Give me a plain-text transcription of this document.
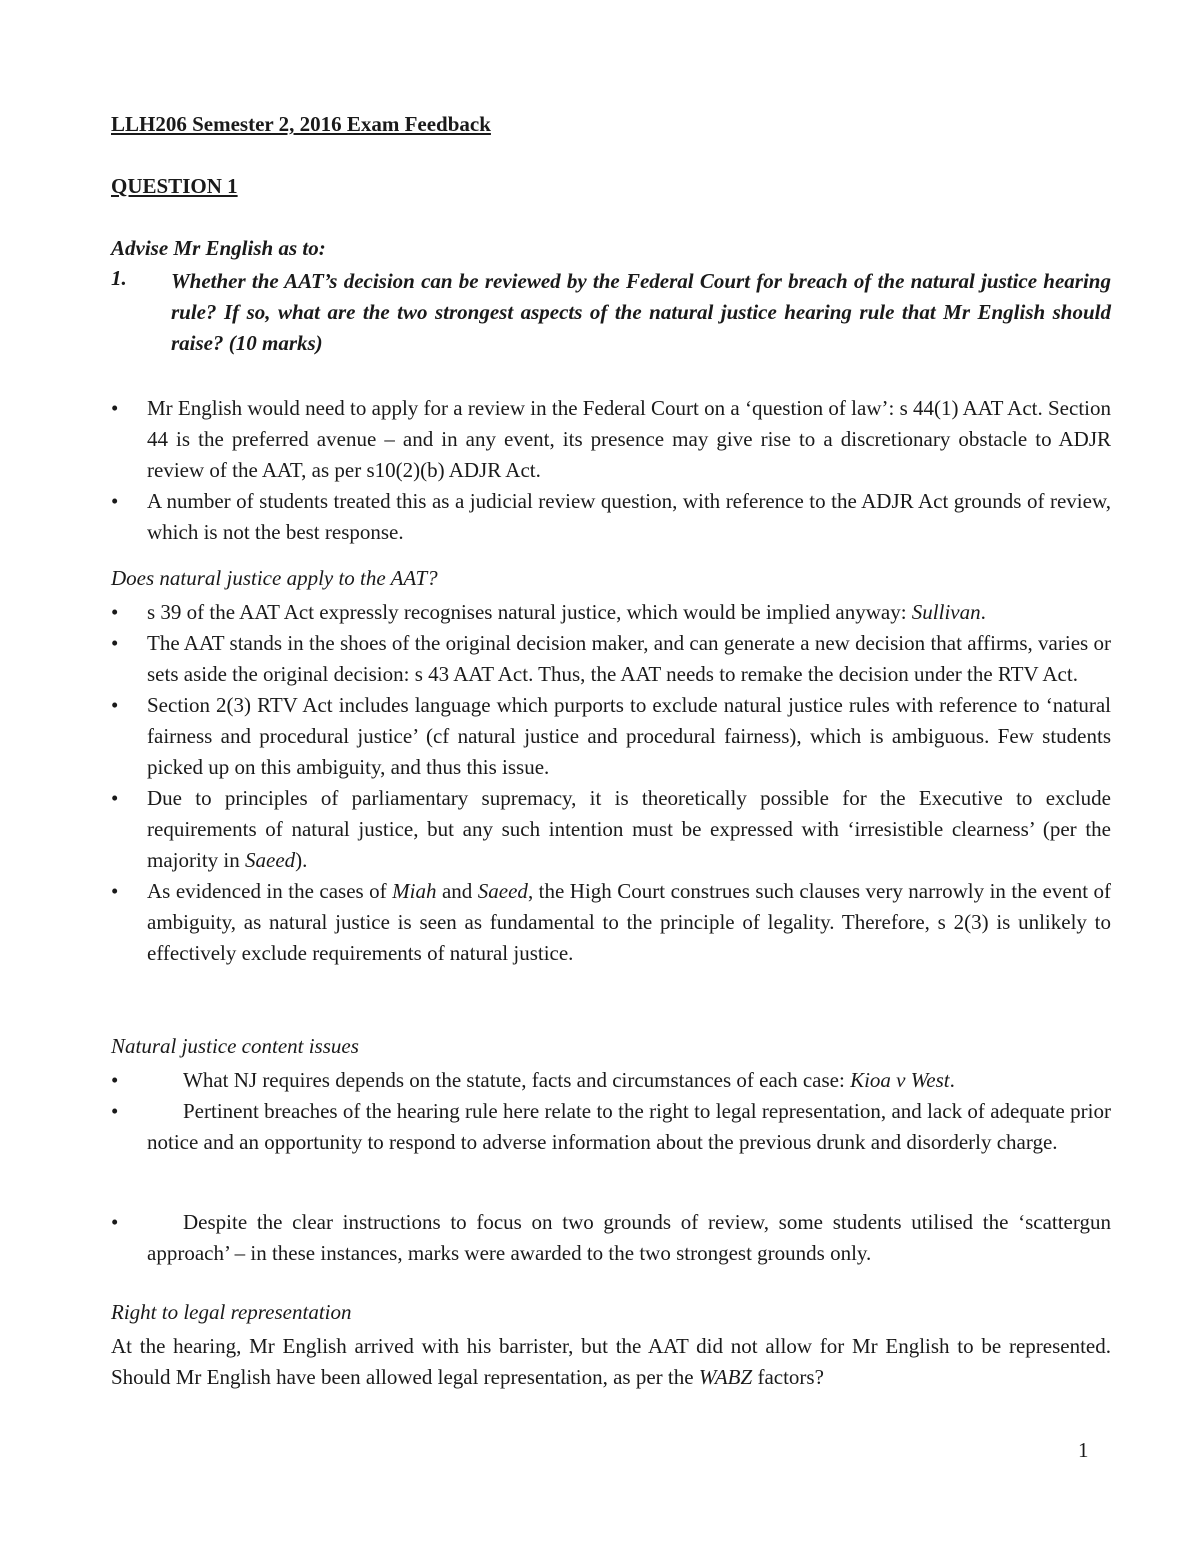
LLH206 Semester 2, 2016 Exam Feedback

QUESTION 1

Advise Mr English as to:

1. Whether the AAT’s decision can be reviewed by the Federal Court for breach of the natural justice hearing rule? If so, what are the two strongest aspects of the natural justice hearing rule that Mr English should raise? (10 marks)
• Mr English would need to apply for a review in the Federal Court on a ‘question of law’: s 44(1) AAT Act. Section 44 is the preferred avenue – and in any event, its presence may give rise to a discretionary obstacle to ADJR review of the AAT, as per s10(2)(b) ADJR Act.
• A number of students treated this as a judicial review question, with reference to the ADJR Act grounds of review, which is not the best response.

Does natural justice apply to the AAT?

• s 39 of the AAT Act expressly recognises natural justice, which would be implied anyway: Sullivan.
• The AAT stands in the shoes of the original decision maker, and can generate a new decision that affirms, varies or sets aside the original decision: s 43 AAT Act. Thus, the AAT needs to remake the decision under the RTV Act.
• Section 2(3) RTV Act includes language which purports to exclude natural justice rules with reference to ‘natural fairness and procedural justice’ (cf natural justice and procedural fairness), which is ambiguous. Few students picked up on this ambiguity, and thus this issue.
• Due to principles of parliamentary supremacy, it is theoretically possible for the Executive to exclude requirements of natural justice, but any such intention must be expressed with ‘irresistible clearness’ (per the majority in Saeed).
• As evidenced in the cases of Miah and Saeed, the High Court construes such clauses very narrowly in the event of ambiguity, as natural justice is seen as fundamental to the principle of legality. Therefore, s 2(3) is unlikely to effectively exclude requirements of natural justice.

Natural justice content issues

• What NJ requires depends on the statute, facts and circumstances of each case: Kioa v West.
• Pertinent breaches of the hearing rule here relate to the right to legal representation, and lack of adequate prior notice and an opportunity to respond to adverse information about the previous drunk and disorderly charge.
• Despite the clear instructions to focus on two grounds of review, some students utilised the ‘scattergun approach’ – in these instances, marks were awarded to the two strongest grounds only.

Right to legal representation

At the hearing, Mr English arrived with his barrister, but the AAT did not allow for Mr English to be represented. Should Mr English have been allowed legal representation, as per the WABZ factors?

1
